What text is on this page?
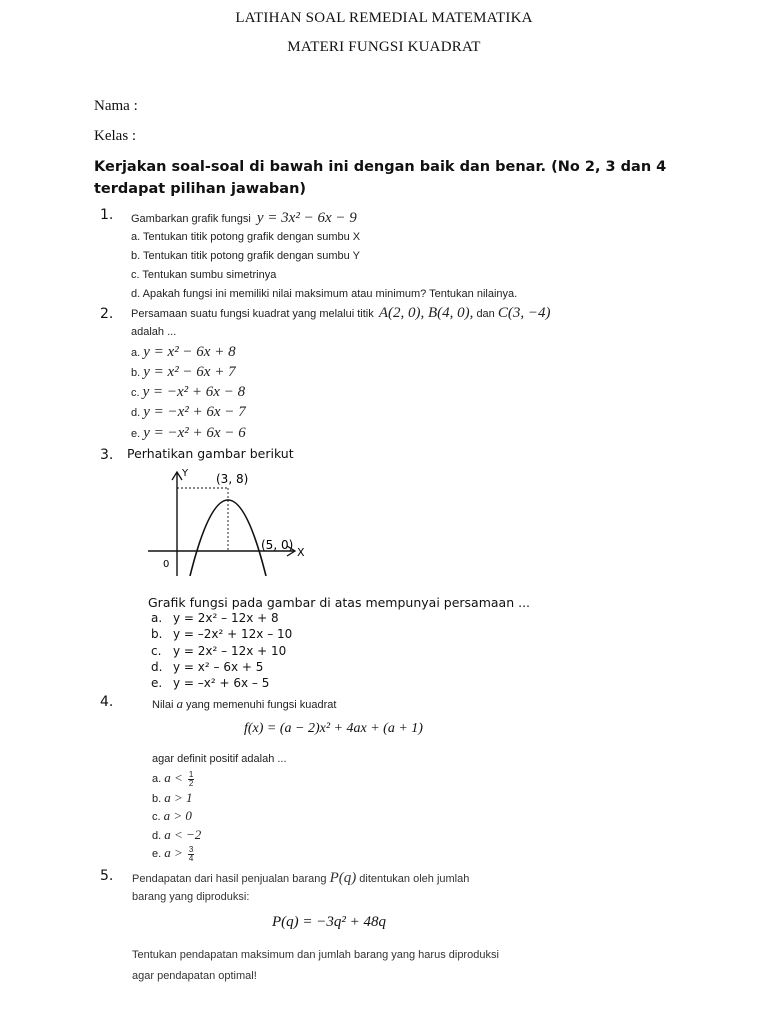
LATIHAN SOAL REMEDIAL MATEMATIKA
MATERI FUNGSI KUADRAT
Nama :
Kelas :
Kerjakan soal-soal di bawah ini dengan baik dan benar. (No 2, 3 dan 4 terdapat pilihan jawaban)
1. Gambarkan grafik fungsi y = 3x² − 6x − 9
a. Tentukan titik potong grafik dengan sumbu X
b. Tentukan titik potong grafik dengan sumbu Y
c. Tentukan sumbu simetrinya
d. Apakah fungsi ini memiliki nilai maksimum atau minimum? Tentukan nilainya.
2. Persamaan suatu fungsi kuadrat yang melalui titik A(2, 0), B(4, 0), dan C(3, −4)
adalah ...
a. y = x² − 6x + 8
b. y = x² − 6x + 7
c. y = −x² + 6x − 8
d. y = −x² + 6x − 7
e. y = −x² + 6x − 6
3. Perhatikan gambar berikut
Y
X
0
(3, 8)
(5, 0)
Grafik fungsi pada gambar di atas mempunyai persamaan ...
a. y = 2x² – 12x + 8
b. y = –2x² + 12x – 10
c. y = 2x² – 12x + 10
d. y = x² – 6x + 5
e. y = –x² + 6x – 5
4.	Nilai a yang memenuhi fungsi kuadrat
f(x) = (a − 2)x² + 4ax + (a + 1)
agar definit positif adalah ...
a. $a < \frac{1}{2}$
b. a > 1
c. a > 0
d. a < −2
e. $a > \frac{3}{4}$
5. Pendapatan dari hasil penjualan barang P(q) ditentukan oleh jumlah
barang yang diproduksi:
P(q) = −3q² + 48q
Tentukan pendapatan maksimum dan jumlah barang yang harus diproduksi
agar pendapatan optimal!
